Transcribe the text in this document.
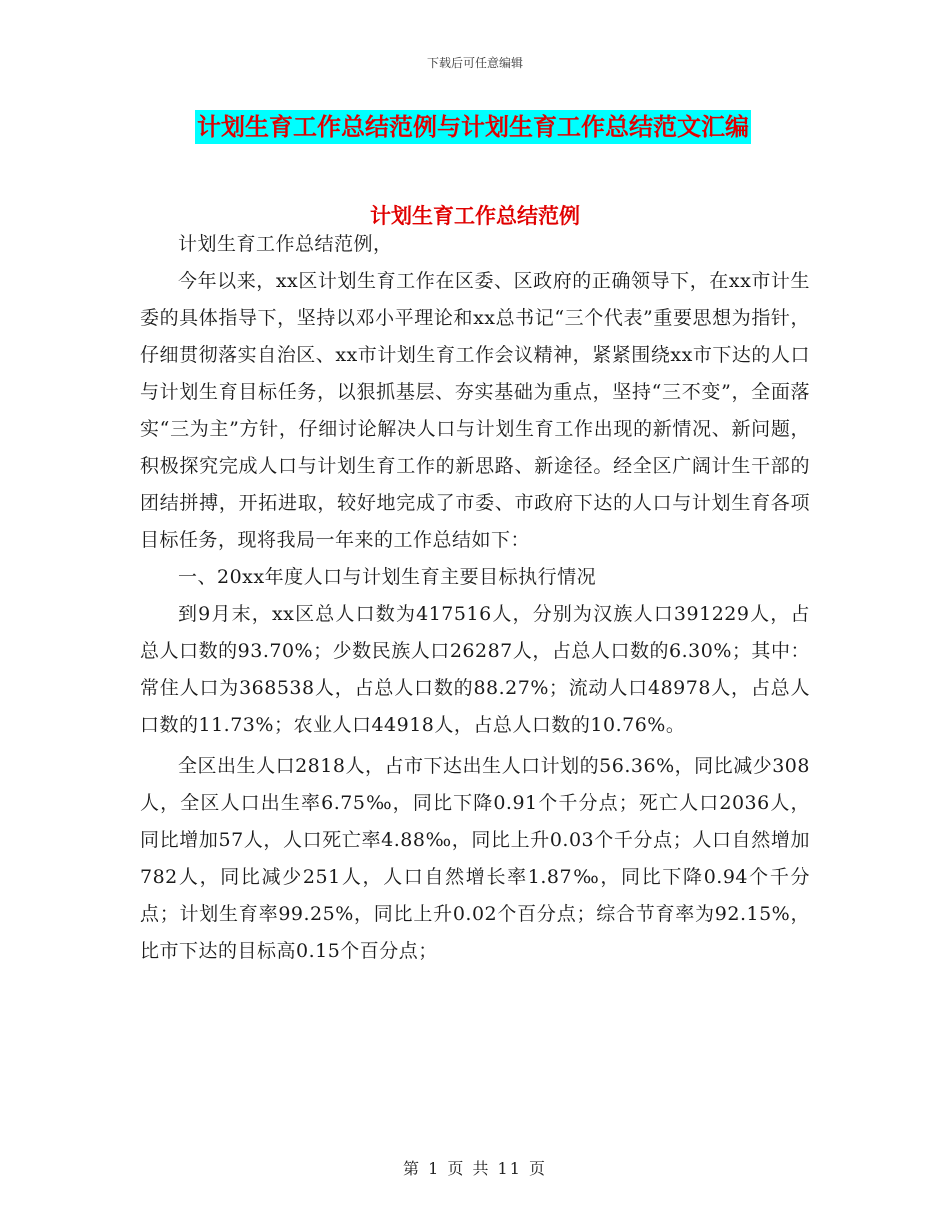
下载后可任意编辑
计划生育工作总结范例与计划生育工作总结范文汇编
计划生育工作总结范例

计划生育工作总结范例，

今年以来，xx区计划生育工作在区委、区政府的正确领导下，在xx市计生委的具体指导下，坚持以邓小平理论和xx总书记“三个代表”重要思想为指针，仔细贯彻落实自治区、xx市计划生育工作会议精神，紧紧围绕xx市下达的人口与计划生育目标任务，以狠抓基层、夯实基础为重点，坚持“三不变”，全面落实“三为主”方针，仔细讨论解决人口与计划生育工作出现的新情况、新问题，积极探究完成人口与计划生育工作的新思路、新途径。经全区广阔计生干部的团结拼搏，开拓进取，较好地完成了市委、市政府下达的人口与计划生育各项目标任务，现将我局一年来的工作总结如下：

一、20xx年度人口与计划生育主要目标执行情况

到9月末，xx区总人口数为417516人，分别为汉族人口391229人，占总人口数的93.70%；少数民族人口26287人，占总人口数的6.30%；其中：常住人口为368538人，占总人口数的88.27%；流动人口48978人，占总人口数的11.73%；农业人口44918人，占总人口数的10.76%。

全区出生人口2818人，占市下达出生人口计划的56.36%，同比减少308人，全区人口出生率6.75‰，同比下降0.91个千分点；死亡人口2036人，同比增加57人，人口死亡率4.88‰，同比上升0.03个千分点；人口自然增加782人，同比减少251人，人口自然增长率1.87‰，同比下降0.94个千分点；计划生育率99.25%，同比上升0.02个百分点；综合节育率为92.15%，比市下达的目标高0.15个百分点；

第 1 页 共 11 页
